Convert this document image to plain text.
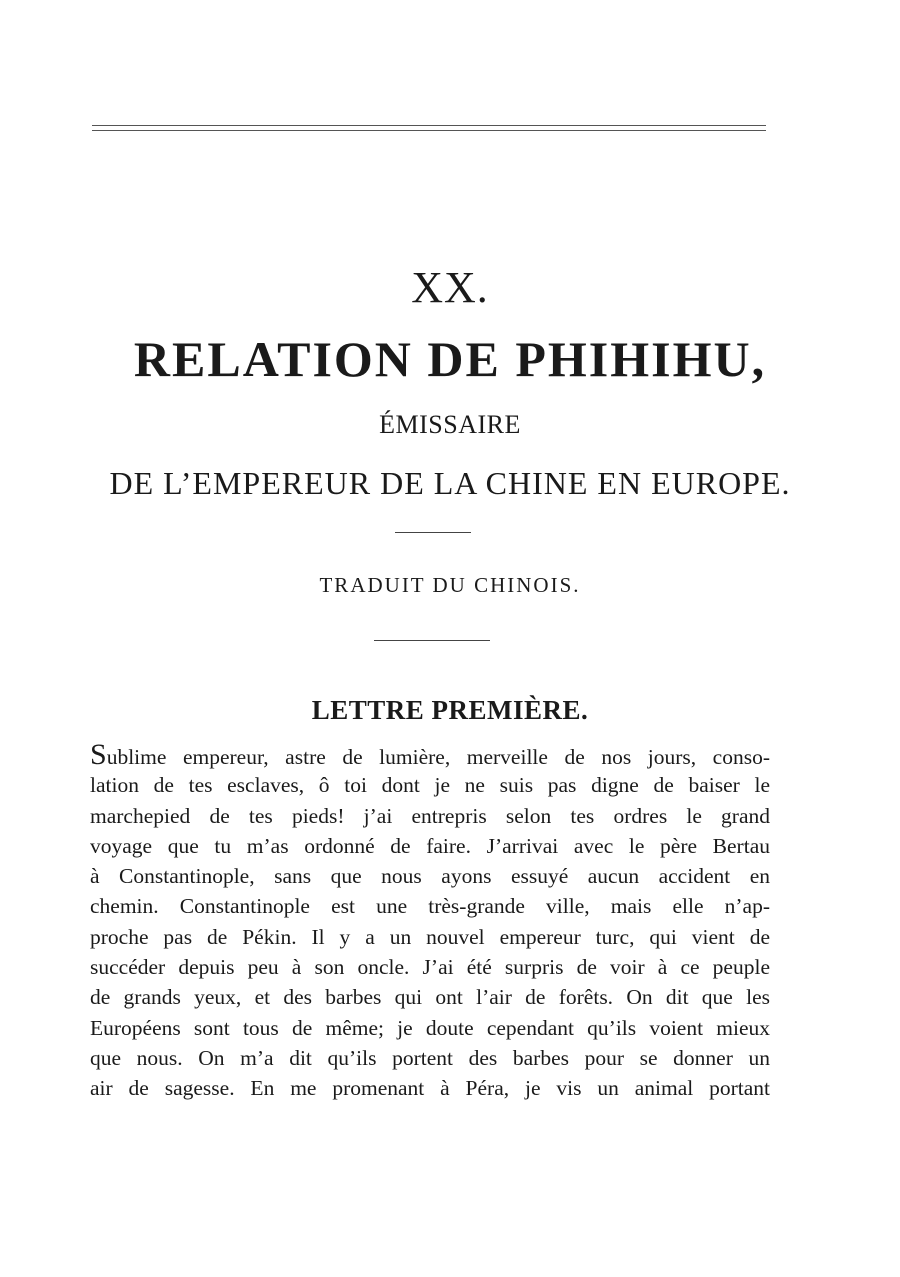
XX.
RELATION DE PHIHIHU,
ÉMISSAIRE
DE L’EMPEREUR DE LA CHINE EN EUROPE.
TRADUIT DU CHINOIS.
LETTRE PREMIÈRE.
Sublime empereur, astre de lumière, merveille de nos jours, conso-
lation de tes esclaves, ô toi dont je ne suis pas digne de baiser le
marchepied de tes pieds! j’ai entrepris selon tes ordres le grand
voyage que tu m’as ordonné de faire. J’arrivai avec le père Bertau
à Constantinople, sans que nous ayons essuyé aucun accident en
chemin. Constantinople est une très-grande ville, mais elle n’ap-
proche pas de Pékin. Il y a un nouvel empereur turc, qui vient de
succéder depuis peu à son oncle. J’ai été surpris de voir à ce peuple
de grands yeux, et des barbes qui ont l’air de forêts. On dit que les
Européens sont tous de même; je doute cependant qu’ils voient mieux
que nous. On m’a dit qu’ils portent des barbes pour se donner un
air de sagesse. En me promenant à Péra, je vis un animal portant
